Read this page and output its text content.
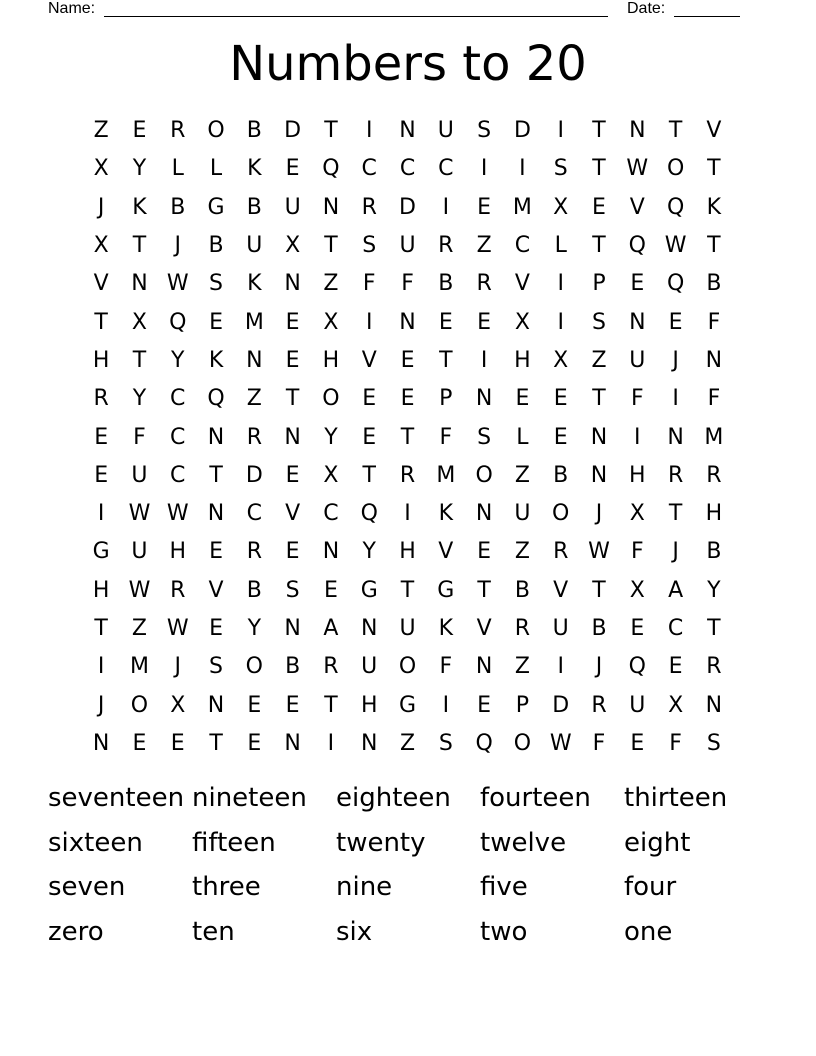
Name:	Date:
Numbers to 20
Z	E	R O	B	D	T	I	N	U	S	D	I	T	N	T	V
X	Y	L	L	K	E	Q C	C	C	I	I	S	T W O	T
J	K	B	G	B	U	N	R	D	I	E M X	E	V	Q	K
X	T	J	B	U	X	T	S	U	R	Z	C	L	T	Q W T
V	N W S	K	N	Z	F	F	B	R	V	I	P	E	Q	B
T	X	Q	E M E	X	I	N	E	E	X	I	S	N	E	F
H	T	Y	K	N	E	H	V	E	T	I	H	X	Z	U	J	N
R	Y	C Q	Z	T	O	E	E	P	N	E	E	T	F	I	F
E	F	C	N	R	N	Y	E	T	F	S	L	E	N	I	N M
E	U	C	T	D	E	X	T	R M O	Z	B	N H	R	R
I	W W N	C	V	C Q	I	K	N	U O	J	X	T	H
G U H	E	R	E	N	Y	H	V	E	Z	R W F	J	B
H W R	V	B	S	E	G	T	G	T	B	V	T	X	A	Y
T	Z W E	Y	N	A	N	U	K	V	R	U	B	E	C	T
I	M	J	S	O	B	R	U O	F	N	Z	I	J	Q	E	R
J	O	X	N	E	E	T	H G	I	E	P	D	R	U	X	N
N	E	E	T	E	N	I	N	Z	S	Q O W F	E	F	S
seventeen nineteen	eighteen	fourteen	thirteen
sixteen	fifteen	twenty	twelve	eight
seven	three	nine	five	four
zero	ten	six	two	one
